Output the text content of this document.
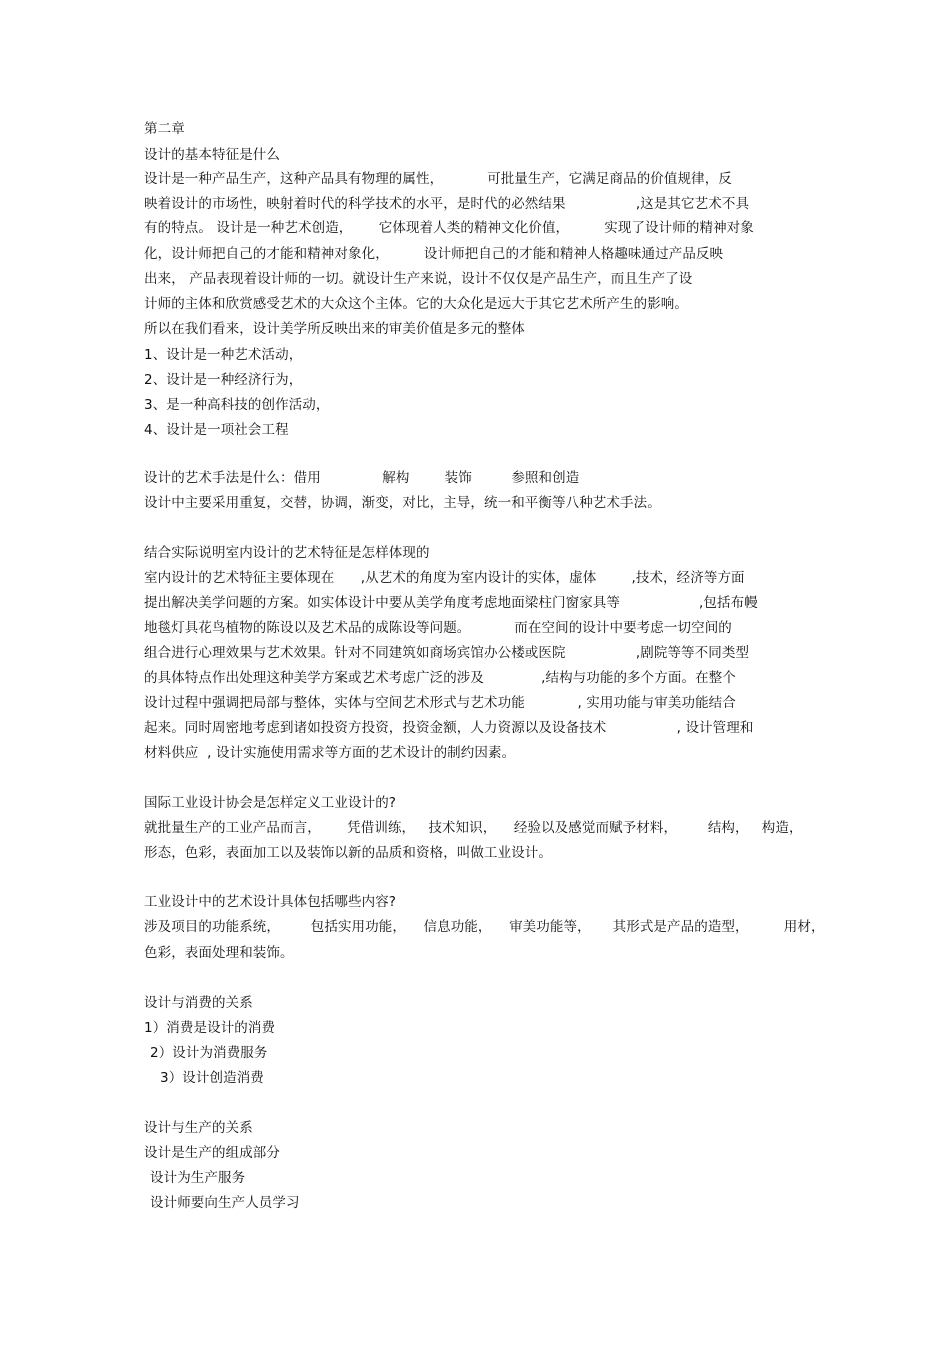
第二章
设计的基本特征是什么
设计是一种产品生产，这种产品具有物理的属性，          可批量生产，它满足商品的价值规律，反
映着设计的市场性，映射着时代的科学技术的水平，是时代的必然结果                ,这是其它艺术不具
有的特点。 设计是一种艺术创造，      它体现着人类的精神文化价值，        实现了设计师的精神对象
化，设计师把自己的才能和精神对象化，        设计师把自己的才能和精神人格趣味通过产品反映
出来， 产品表现着设计师的一切。就设计生产来说，设计不仅仅是产品生产，而且生产了设
计师的主体和欣赏感受艺术的大众这个主体。它的大众化是远大于其它艺术所产生的影响。
所以在我们看来，设计美学所反映出来的审美价值是多元的整体
1、设计是一种艺术活动，
2、设计是一种经济行为，
3、是一种高科技的创作活动，
4、设计是一项社会工程
设计的艺术手法是什么：借用              解构        装饰         参照和创造
设计中主要采用重复，交替，协调，渐变，对比，主导，统一和平衡等八种艺术手法。
结合实际说明室内设计的艺术特征是怎样体现的
室内设计的艺术特征主要体现在      ,从艺术的角度为室内设计的实体，虚体        ,技术，经济等方面
提出解决美学问题的方案。如实体设计中要从美学角度考虑地面梁柱门窗家具等                  ,包括布幔
地毯灯具花鸟植物的陈设以及艺术品的成陈设等问题。          而在空间的设计中要考虑一切空间的
组合进行心理效果与艺术效果。针对不同建筑如商场宾馆办公楼或医院                ,剧院等等不同类型
的具体特点作出处理这种美学方案或艺术考虑广泛的涉及             ,结构与功能的多个方面。在整个
设计过程中强调把局部与整体，实体与空间艺术形式与艺术功能            , 实用功能与审美功能结合
起来。同时周密地考虑到诸如投资方投资，投资金额，人力资源以及设备技术                , 设计管理和
材料供应  , 设计实施使用需求等方面的艺术设计的制约因素。
国际工业设计协会是怎样定义工业设计的?
就批量生产的工业产品而言，      凭借训练，   技术知识，    经验以及感觉而赋予材料，       结构，   构造，
形态，色彩，表面加工以及装饰以新的品质和资格，叫做工业设计。
工业设计中的艺术设计具体包括哪些内容?
涉及项目的功能系统，       包括实用功能，    信息功能，    审美功能等，     其形式是产品的造型，        用材，
色彩，表面处理和装饰。
设计与消费的关系
1）消费是设计的消费
2）设计为消费服务
3）设计创造消费
设计与生产的关系
设计是生产的组成部分
设计为生产服务
设计师要向生产人员学习
